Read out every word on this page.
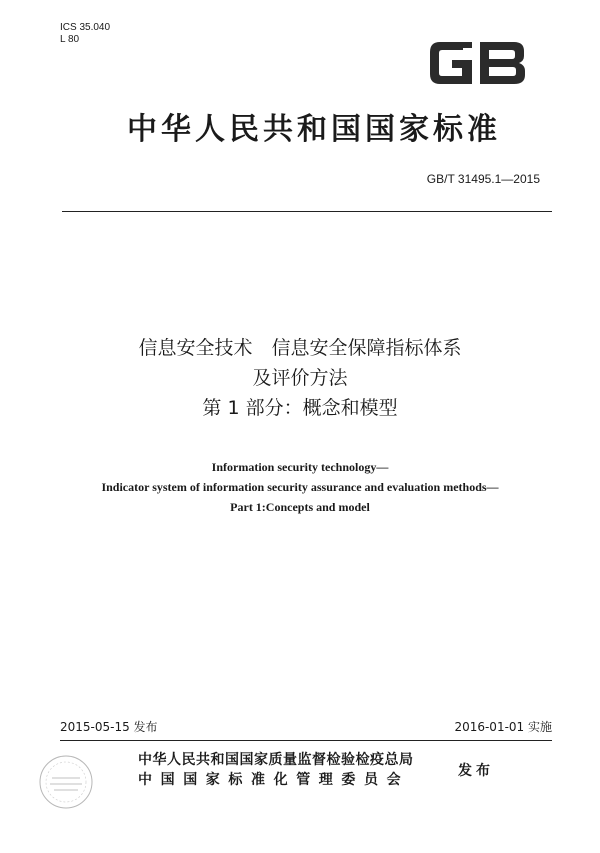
ICS 35.040
L 80
中华人民共和国国家标准
GB/T 31495.1—2015
信息安全技术　信息安全保障指标体系
及评价方法
第 1 部分：概念和模型
Information security technology—
Indicator system of information security assurance and evaluation methods—
Part 1:Concepts and model
2015-05-15 发布	2016-01-01 实施
中华人民共和国国家质量监督检验检疫总局
中国国家标准化管理委员会
发布
